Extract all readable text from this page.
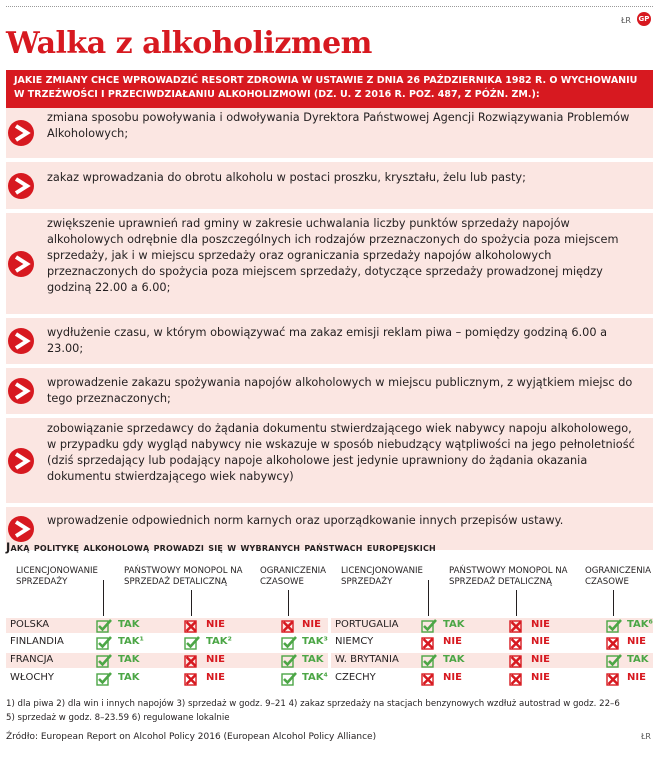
ŁR GP
Walka z alkoholizmem
JAKIE ZMIANY CHCE WPROWADZIĆ RESORT ZDROWIA W USTAWIE Z DNIA 26 PAŹDZIERNIKA 1982 R. O WYCHOWANIU W TRZEŹWOŚCI I PRZECIWDZIAŁANIU ALKOHOLIZMOWI (DZ. U. Z 2016 R. POZ. 487, Z PÓŹN. ZM.):
zmiana sposobu powoływania i odwoływania Dyrektora Państwowej Agencji Rozwiązywania Problemów Alkoholowych;
zakaz wprowadzania do obrotu alkoholu w postaci proszku, kryształu, żelu lub pasty;
zwiększenie uprawnień rad gminy w zakresie uchwalania liczby punktów sprzedaży napojów alkoholowych odrębnie dla poszczególnych ich rodzajów przeznaczonych do spożycia poza miejscem sprzedaży, jak i w miejscu sprzedaży oraz ograniczania sprzedaży napojów alkoholowych przeznaczonych do spożycia poza miejscem sprzedaży, dotyczące sprzedaży prowadzonej między godziną 22.00 a 6.00;
wydłużenie czasu, w którym obowiązywać ma zakaz emisji reklam piwa – pomiędzy godziną 6.00 a 23.00;
wprowadzenie zakazu spożywania napojów alkoholowych w miejscu publicznym, z wyjątkiem miejsc do tego przeznaczonych;
zobowiązanie sprzedawcy do żądania dokumentu stwierdzającego wiek nabywcy napoju alkoholowego, w przypadku gdy wygląd nabywcy nie wskazuje w sposób niebudzący wątpliwości na jego pełnoletniość (dziś sprzedający lub podający napoje alkoholowe jest jedynie uprawniony do żądania okazania dokumentu stwierdzającego wiek nabywcy)
wprowadzenie odpowiednich norm karnych oraz uporządkowanie innych przepisów ustawy.
Jaką politykę alkoholową prowadzi się w wybranych państwach europejskich
LICENCJONOWANIE SPRZEDAŻY
PAŃSTWOWY MONOPOL NA SPRZEDAŻ DETALICZNĄ
OGRANICZENIA CZASOWE
POLSKA	TAK	NIE	NIE
FINLANDIA	TAK¹	TAK²	TAK³
FRANCJA	TAK	NIE	TAK
WŁOCHY	TAK	NIE	TAK⁴
LICENCJONOWANIE SPRZEDAŻY
PAŃSTWOWY MONOPOL NA SPRZEDAŻ DETALICZNĄ
OGRANICZENIA CZASOWE
PORTUGALIA	TAK	NIE	TAK⁶
NIEMCY	NIE	NIE	NIE
W. BRYTANIA	TAK	NIE	TAK
CZECHY	NIE	NIE	NIE
1) dla piwa 2) dla win i innych napojów 3) sprzedaż w godz. 9–21 4) zakaz sprzedaży na stacjach benzynowych wzdłuż autostrad w godz. 22–6
5) sprzedaż w godz. 8–23.59 6) regulowane lokalnie
Źródło: European Report on Alcohol Policy 2016 (European Alcohol Policy Alliance)	ŁR
